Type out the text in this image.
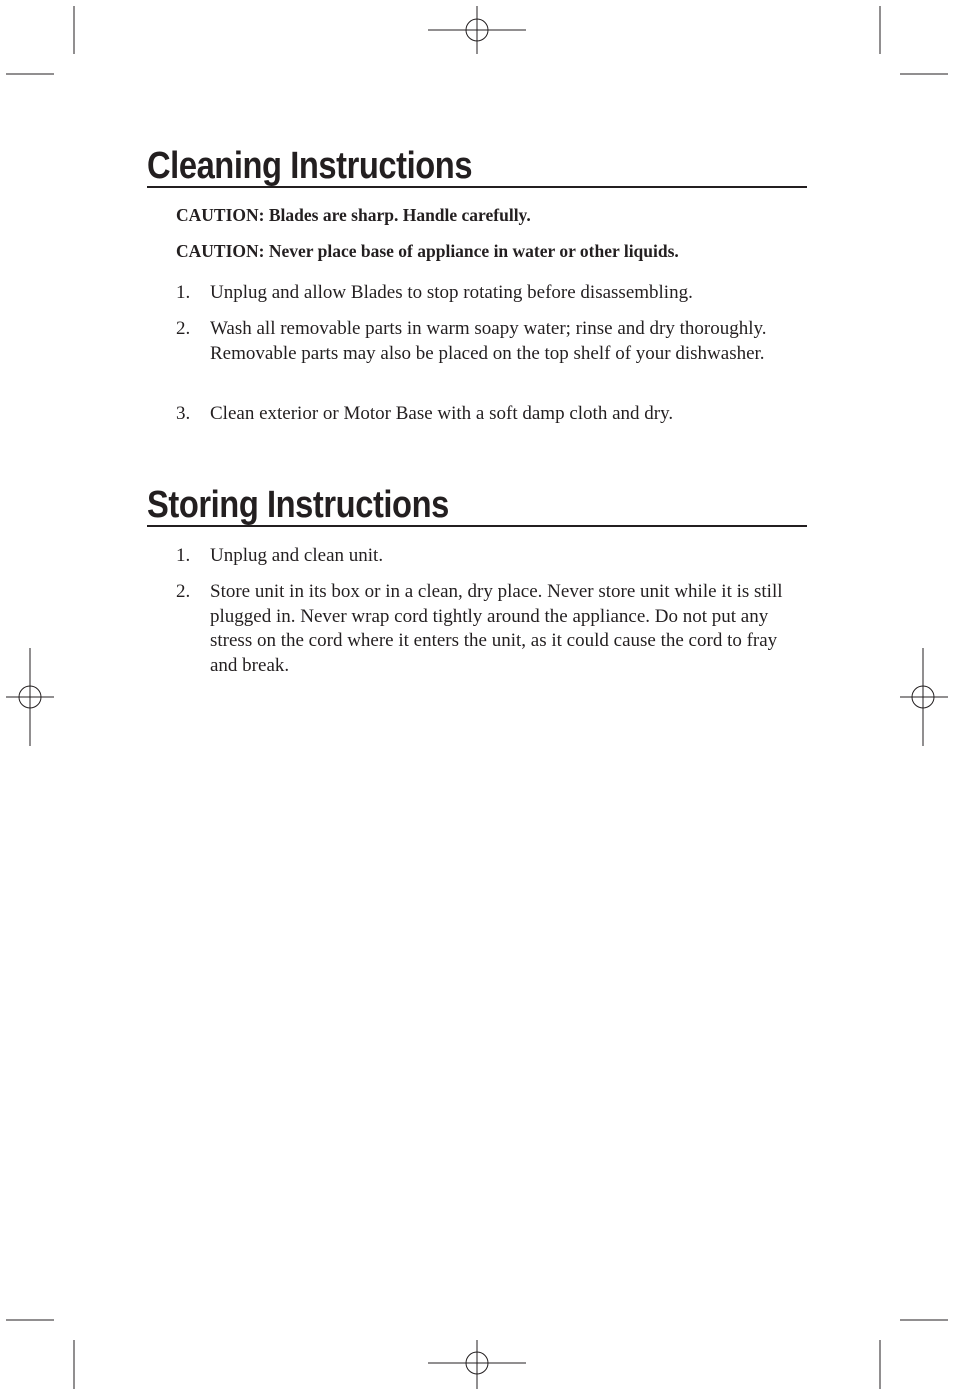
Cleaning Instructions

CAUTION: Blades are sharp. Handle carefully.

CAUTION: Never place base of appliance in water or other liquids.

1.	Unplug and allow Blades to stop rotating before disassembling.
2.	Wash all removable parts in warm soapy water; rinse and dry thoroughly. Removable parts may also be placed on the top shelf of your dishwasher.
3.	Clean exterior or Motor Base with a soft damp cloth and dry.
Storing Instructions
1.	Unplug and clean unit.
2.	Store unit in its box or in a clean, dry place. Never store unit while it is still plugged in. Never wrap cord tightly around the appliance. Do not put any stress on the cord where it enters the unit, as it could cause the cord to fray and break.
